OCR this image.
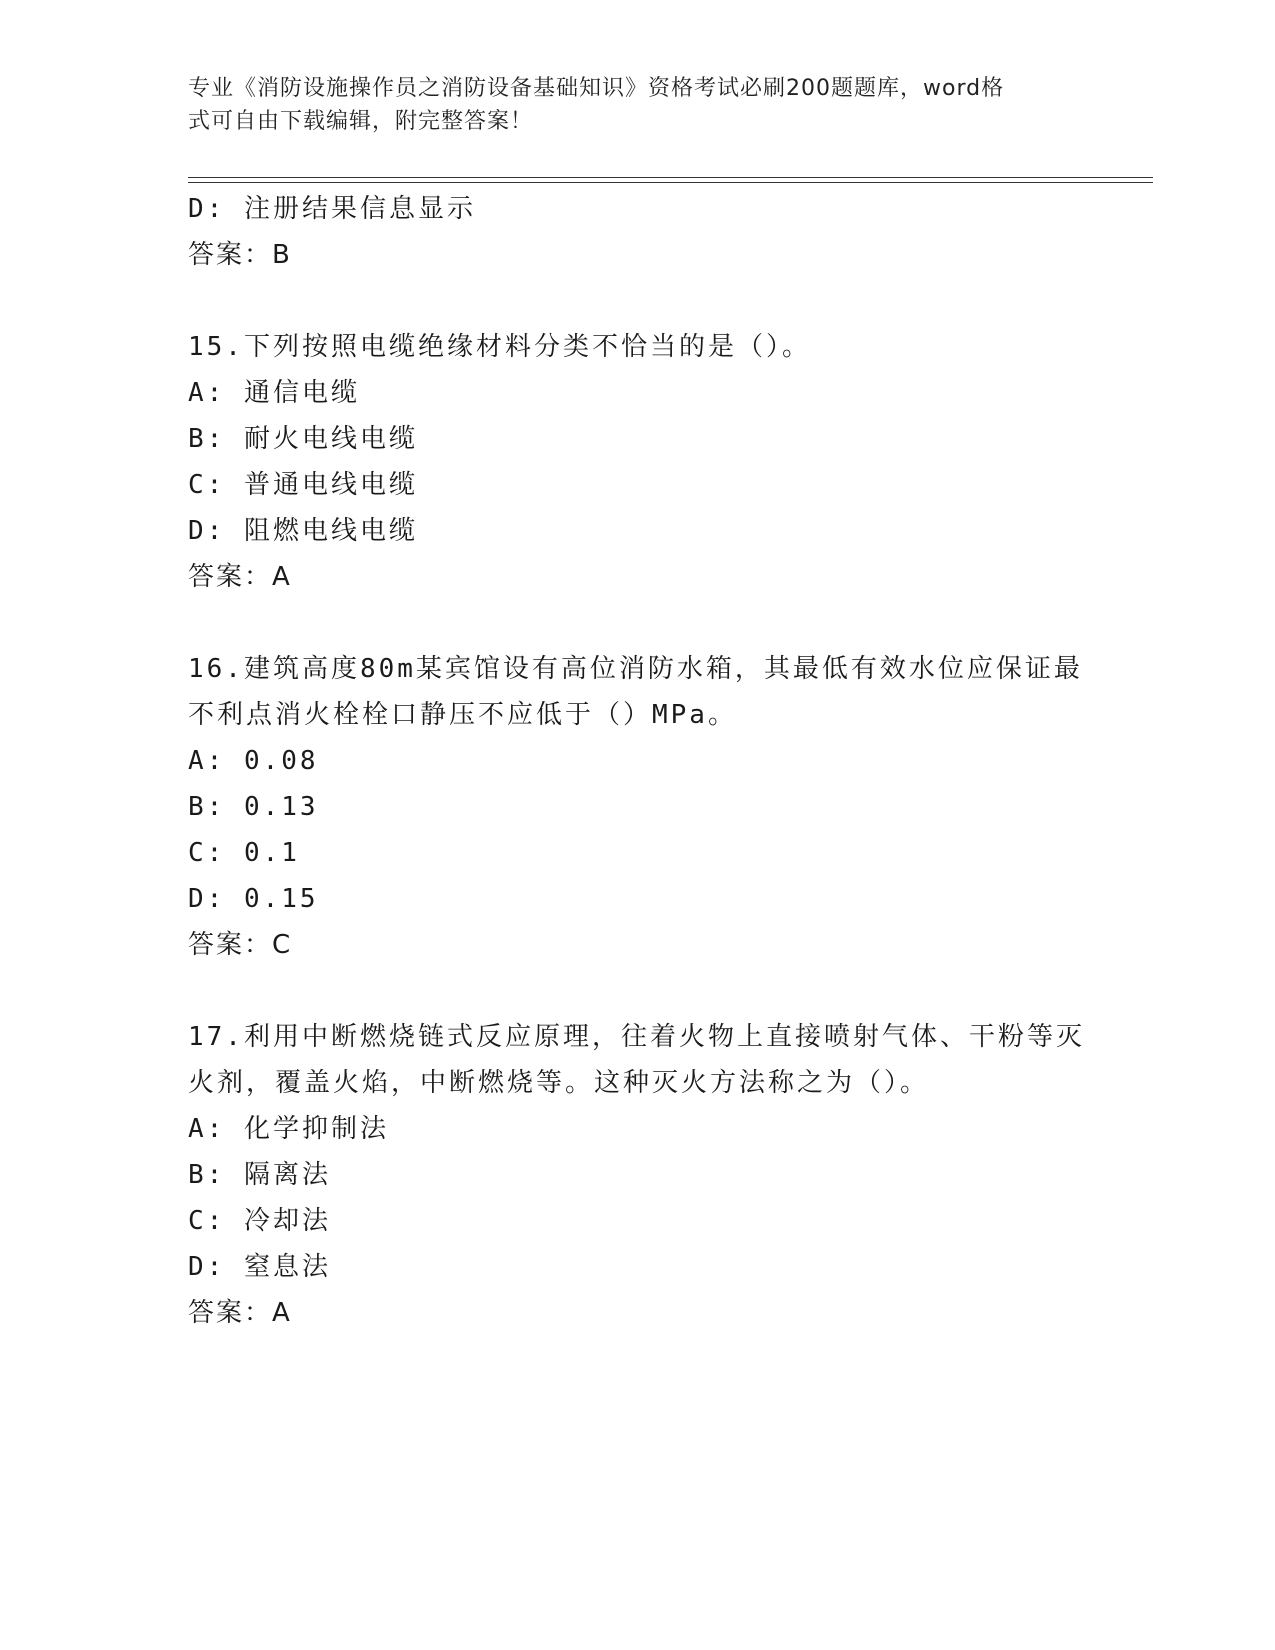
专业《消防设施操作员之消防设备基础知识》资格考试必刷200题题库，word格
式可自由下载编辑，附完整答案！
D: 注册结果信息显示
答案：B
15.下列按照电缆绝缘材料分类不恰当的是（）。
A: 通信电缆
B: 耐火电线电缆
C: 普通电线电缆
D: 阻燃电线电缆
答案：A
16.建筑高度80m某宾馆设有高位消防水箱，其最低有效水位应保证最
不利点消火栓栓口静压不应低于（）MPa。
A: 0.08
B: 0.13
C: 0.1
D: 0.15
答案：C
17.利用中断燃烧链式反应原理，往着火物上直接喷射气体、干粉等灭
火剂，覆盖火焰，中断燃烧等。这种灭火方法称之为（）。
A: 化学抑制法
B: 隔离法
C: 冷却法
D: 窒息法
答案：A
